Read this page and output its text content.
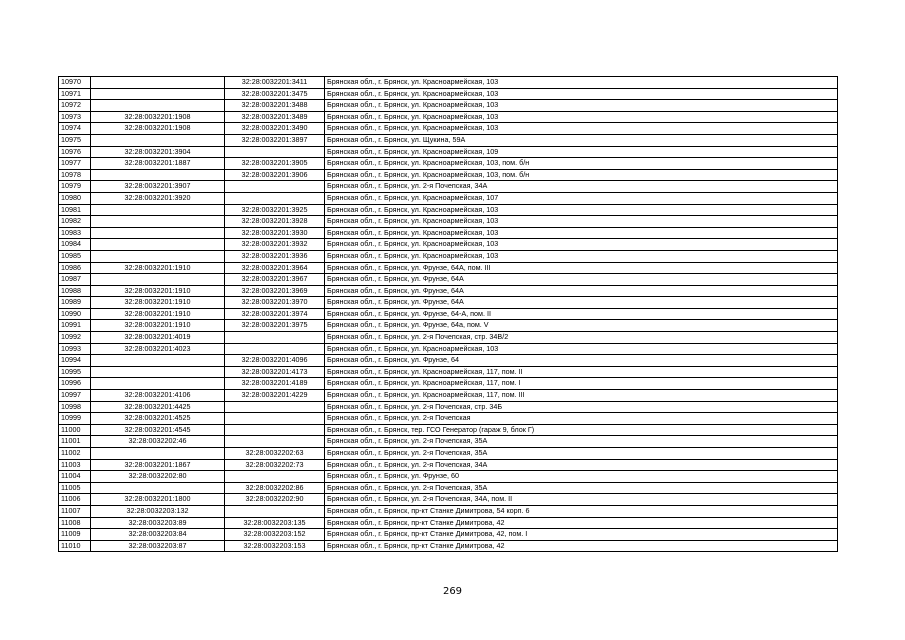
10970		32:28:0032201:3411	Брянская обл., г. Брянск, ул. Красноармейская, 103
10971		32:28:0032201:3475	Брянская обл., г. Брянск, ул. Красноармейская, 103
10972		32:28:0032201:3488	Брянская обл., г. Брянск, ул. Красноармейская, 103
10973	32:28:0032201:1908	32:28:0032201:3489	Брянская обл., г. Брянск, ул. Красноармейская, 103
10974	32:28:0032201:1908	32:28:0032201:3490	Брянская обл., г. Брянск, ул. Красноармейская, 103
10975		32:28:0032201:3897	Брянская обл., г. Брянск, ул. Щукина, 59А
10976	32:28:0032201:3904		Брянская обл., г. Брянск, ул. Красноармейская, 109
10977	32:28:0032201:1887	32:28:0032201:3905	Брянская обл., г. Брянск, ул. Красноармейская, 103, пом. б/н
10978		32:28:0032201:3906	Брянская обл., г. Брянск, ул. Красноармейская, 103, пом. б/н
10979	32:28:0032201:3907		Брянская обл., г. Брянск, ул. 2-я Почепская, 34А
10980	32:28:0032201:3920		Брянская обл., г. Брянск, ул. Красноармейская, 107
10981		32:28:0032201:3925	Брянская обл., г. Брянск, ул. Красноармейская, 103
10982		32:28:0032201:3928	Брянская обл., г. Брянск, ул. Красноармейская, 103
10983		32:28:0032201:3930	Брянская обл., г. Брянск, ул. Красноармейская, 103
10984		32:28:0032201:3932	Брянская обл., г. Брянск, ул. Красноармейская, 103
10985		32:28:0032201:3936	Брянская обл., г. Брянск, ул. Красноармейская, 103
10986	32:28:0032201:1910	32:28:0032201:3964	Брянская обл., г. Брянск, ул. Фрунзе, 64А, пом. III
10987		32:28:0032201:3967	Брянская обл., г. Брянск, ул. Фрунзе, 64А
10988	32:28:0032201:1910	32:28:0032201:3969	Брянская обл., г. Брянск, ул. Фрунзе, 64А
10989	32:28:0032201:1910	32:28:0032201:3970	Брянская обл., г. Брянск, ул. Фрунзе, 64А
10990	32:28:0032201:1910	32:28:0032201:3974	Брянская обл., г. Брянск, ул. Фрунзе, 64-А, пом. II
10991	32:28:0032201:1910	32:28:0032201:3975	Брянская обл., г. Брянск, ул. Фрунзе, 64а, пом. V
10992	32:28:0032201:4019		Брянская обл., г. Брянск, ул. 2-я Почепская, стр. 34В/2
10993	32:28:0032201:4023		Брянская обл., г. Брянск, ул. Красноармейская, 103
10994		32:28:0032201:4096	Брянская обл., г. Брянск, ул. Фрунзе, 64
10995		32:28:0032201:4173	Брянская обл., г. Брянск, ул. Красноармейская, 117, пом. II
10996		32:28:0032201:4189	Брянская обл., г. Брянск, ул. Красноармейская, 117, пом. I
10997	32:28:0032201:4106	32:28:0032201:4229	Брянская обл., г. Брянск, ул. Красноармейская, 117, пом. III
10998	32:28:0032201:4425		Брянская обл., г. Брянск, ул. 2-я Почепская, стр. 34Б
10999	32:28:0032201:4525		Брянская обл., г. Брянск, ул. 2-я Почепская
11000	32:28:0032201:4545		Брянская обл., г. Брянск, тер. ГСО Генератор (гараж 9, блок Г)
11001	32:28:0032202:46		Брянская обл., г. Брянск, ул. 2-я Почепская, 35А
11002		32:28:0032202:63	Брянская обл., г. Брянск, ул. 2-я Почепская, 35А
11003	32:28:0032201:1867	32:28:0032202:73	Брянская обл., г. Брянск, ул. 2-я Почепская, 34А
11004	32:28:0032202:80		Брянская обл., г. Брянск, ул. Фрунзе, 60
11005		32:28:0032202:86	Брянская обл., г. Брянск, ул. 2-я Почепская, 35А
11006	32:28:0032201:1800	32:28:0032202:90	Брянская обл., г. Брянск, ул. 2-я Почепская, 34А, пом. II
11007	32:28:0032203:132		Брянская обл., г. Брянск, пр-кт Станке Димитрова, 54 корп. 6
11008	32:28:0032203:89	32:28:0032203:135	Брянская обл., г. Брянск, пр-кт Станке Димитрова, 42
11009	32:28:0032203:84	32:28:0032203:152	Брянская обл., г. Брянск, пр-кт Станке Димитрова, 42, пом. I
11010	32:28:0032203:87	32:28:0032203:153	Брянская обл., г. Брянск, пр-кт Станке Димитрова, 42
269
